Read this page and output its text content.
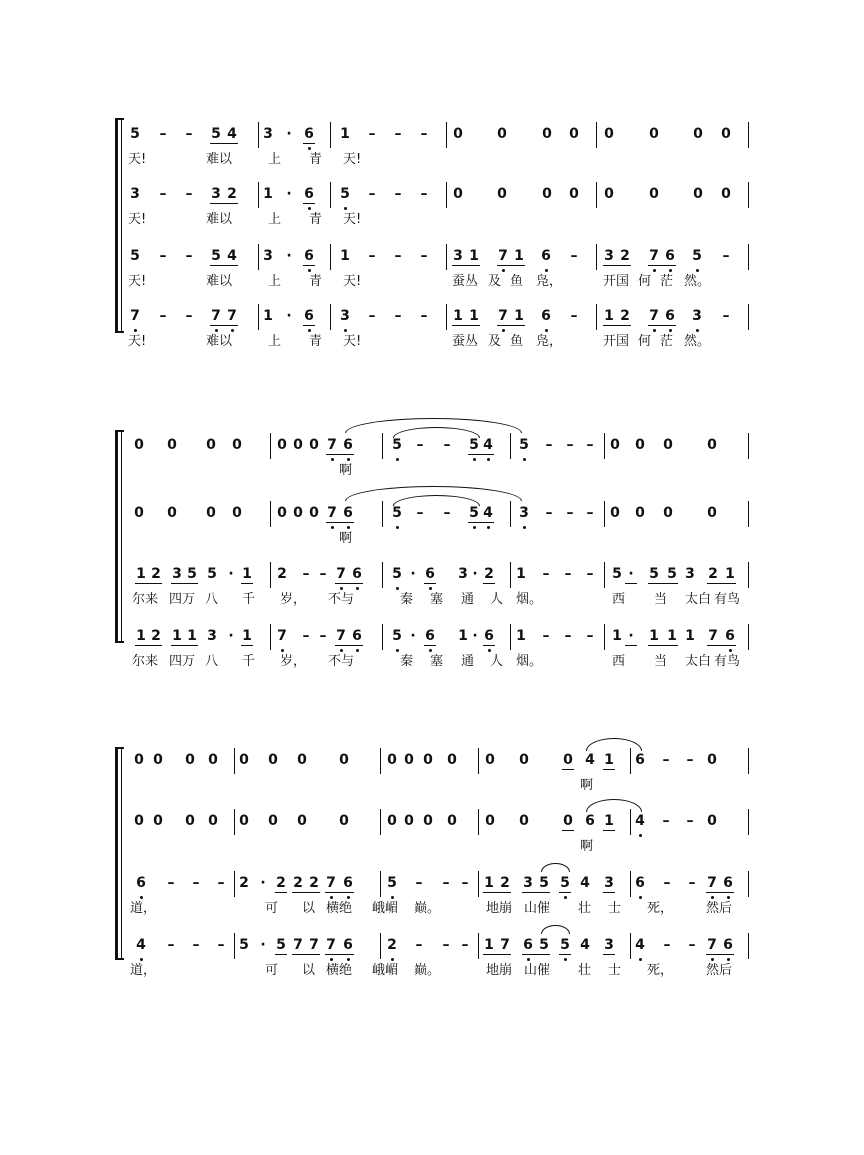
5 – – 5 4 3 · 6 1 – – – 0 0	0 0 0	0 0 0
天!	难以	上 青 天!
3 – – 3 2 1 · 6 5 – – – 0 0	0 0 0	0 0 0
天!	难以	上 青 天!
5 – – 5 4 3 · 6 1 – – – 3 1 7 1 6 – 3 2 7 6 5 –
天!	难以	上 青 天!	蚕丛 及 鱼 凫，	开国 何 茫 然。
7 – – 7 7 1 · 6 3 – – – 1 1 7 1 6 – 1 2 7 6 3 –
天!	难以	上 青 天!	蚕丛 及 鱼 凫，	开国 何 茫 然。
0 0 0 0	0 0 0 7 6	5 – – 5 4 5 – – – 0 0 0 0
啊
0 0 0 0	0 0 0 7 6	5 – – 5 4 3 – – – 0 0 0 0
啊
1 2 3 5 5 · 1 2 – – 7 6 5 · 6 3 · 2 1 – – – 5 ·	5 5 3 2 1
尔来 四万 八 千 岁， 不与	秦 塞 通 人 烟。	西 当 太白 有鸟
1 2 1 1 3 · 1 7 – – 7 6 5 · 6 1 · 6 1 – – – 1 ·	1 1 1 7 6
尔来 四万 八 千 岁， 不与	秦 塞 通 人 烟。	西 当 太白 有鸟
0 0 0 0 0 0 0 0	0 0 0 0 0 0 0 4 1 6 – – 0
啊
0 0 0 0 0 0 0 0	0 0 0 0 0 0 0 6 1 4 – – 0
啊
6 – – – 2 · 2 2 2 7 6 5 – – – 1 2 3 5 5 4 3 6 – – 7 6
道，	可 以 横绝 峨嵋 巅。	地崩 山催 壮 士 死，	然后
4 – – – 5 · 5 7 7 7 6 2 – – – 1 7 6 5 5 4 3 4 – – 7 6
道，	可 以 横绝 峨嵋 巅。	地崩 山催 壮 士 死，	然后
